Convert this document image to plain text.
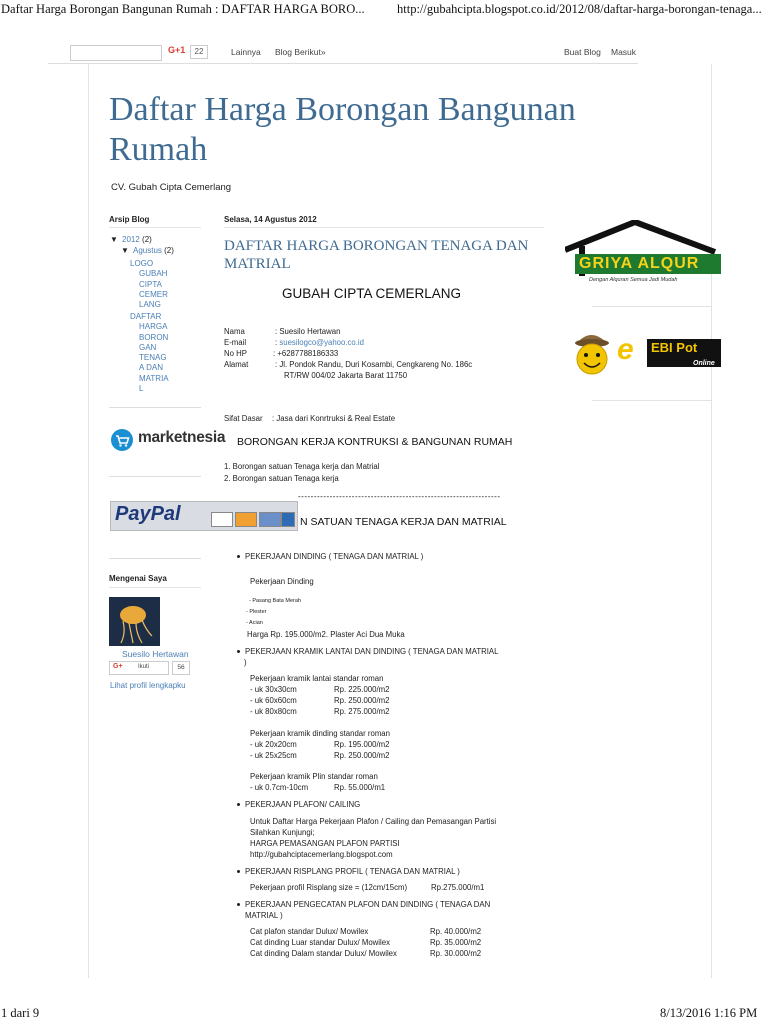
Daftar Harga Borongan Bangunan Rumah : DAFTAR HARGA BORO...	http://gubahcipta.blogspot.co.id/2012/08/daftar-harga-borongan-tenaga...
G+1	22	Lainnya Blog Berikut»	Buat Blog Masuk
Daftar Harga Borongan Bangunan
Rumah
CV. Gubah Cipta Cemerlang
Arsip Blog
▼ 2012 (2)
▼ Agustus (2)
LOGO
GUBAH
CIPTA
CEMER
LANG
DAFTAR
HARGA
BORON
GAN
TENAG
A DAN
MATRIA
L
marketnesia
PayPal
Mengenai Saya
Suesilo Hertawan
G+	Ikuti	56
Lihat profil lengkapku
Selasa, 14 Agustus 2012
DAFTAR HARGA BORONGAN TENAGA DAN
MATRIAL
GUBAH CIPTA CEMERLANG
Nama	: Suesilo Hertawan
E-mail	: suesilogco@yahoo.co.id
No HP	: +6287788186333
Alamat	: Jl. Pondok Randu, Duri Kosambi, Cengkareng No. 186c
RT/RW 004/02 Jakarta Barat 11750
Sifat Dasar : Jasa dari Konrtruksi & Real Estate
BORONGAN KERJA KONTRUKSI & BANGUNAN RUMAH
1. Borongan satuan Tenaga kerja dan Matrial
2. Borongan satuan Tenaga kerja
----------------------------------------------------------------
N SATUAN TENAGA KERJA DAN MATRIAL
PEKERJAAN DINDING ( TENAGA DAN MATRIAL )
Pekerjaan Dinding
- Pasang Bata Merah
- Plester
- Acian
Harga Rp. 195.000/m2. Plaster Aci Dua Muka
PEKERJAAN KRAMIK LANTAI DAN DINDING ( TENAGA DAN MATRIAL
)
Pekerjaan kramik lantai standar roman
- uk 30x30cm	Rp. 225.000/m2
- uk 60x60cm	Rp. 250.000/m2
- uk 80x80cm	Rp. 275.000/m2
Pekerjaan kramik dinding standar roman
- uk 20x20cm	Rp. 195.000/m2
- uk 25x25cm	Rp. 250.000/m2
Pekerjaan kramik Plin standar roman
- uk 0.7cm-10cm	Rp. 55.000/m1
PEKERJAAN PLAFON/ CAILING
Untuk Daftar Harga Pekerjaan Plafon / Cailing dan Pemasangan Partisi
Silahkan Kunjungi;
HARGA PEMASANGAN PLAFON PARTISI
http://gubahciptacemerlang.blogspot.com
PEKERJAAN RISPLANG PROFIL ( TENAGA DAN MATRIAL )
Pekerjaan profil Risplang size = (12cm/15cm)	Rp.275.000/m1
PEKERJAAN PENGECATAN PLAFON DAN DINDING ( TENAGA DAN
MATRIAL )
Cat plafon standar Dulux/ Mowilex	Rp. 40.000/m2
Cat dinding Luar standar Dulux/ Mowilex	Rp. 35.000/m2
Cat dinding Dalam standar Dulux/ Mowilex	Rp. 30.000/m2
GRIYA ALQUR
Dengan Alquran Semua Jadi Mudah
e	EBI Pot
Online
1 dari 9	8/13/2016 1:16 PM
